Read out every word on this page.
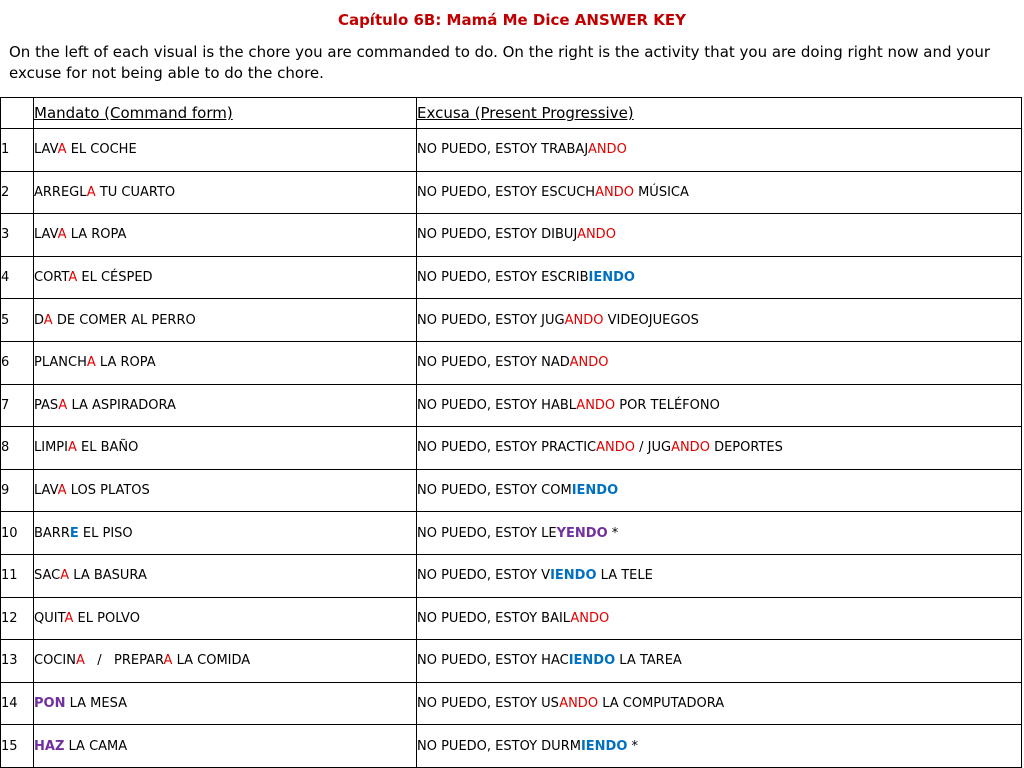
Capítulo 6B: Mamá Me Dice ANSWER KEY
On the left of each visual is the chore you are commanded to do. On the right is the activity that you are doing right now and your excuse for not being able to do the chore.
	Mandato (Command form)	Excusa (Present Progressive)
1	LAVA EL COCHE	NO PUEDO, ESTOY TRABAJANDO
2	ARREGLA TU CUARTO	NO PUEDO, ESTOY ESCUCHANDO MÚSICA
3	LAVA LA ROPA	NO PUEDO, ESTOY DIBUJANDO
4	CORTA EL CÉSPED	NO PUEDO, ESTOY ESCRIBIENDO
5	DA DE COMER AL PERRO	NO PUEDO, ESTOY JUGANDO VIDEOJUEGOS
6	PLANCHA LA ROPA	NO PUEDO, ESTOY NADANDO
7	PASA LA ASPIRADORA	NO PUEDO, ESTOY HABLANDO POR TELÉFONO
8	LIMPIA EL BAÑO	NO PUEDO, ESTOY PRACTICANDO / JUGANDO DEPORTES
9	LAVA LOS PLATOS	NO PUEDO, ESTOY COMIENDO
10	BARRE EL PISO	NO PUEDO, ESTOY LEYENDO *
11	SACA LA BASURA	NO PUEDO, ESTOY VIENDO LA TELE
12	QUITA EL POLVO	NO PUEDO, ESTOY BAILANDO
13	COCINA   /   PREPARA LA COMIDA	NO PUEDO, ESTOY HACIENDO LA TAREA
14	PON LA MESA	NO PUEDO, ESTOY USANDO LA COMPUTADORA
15	HAZ LA CAMA	NO PUEDO, ESTOY DURMIENDO *
